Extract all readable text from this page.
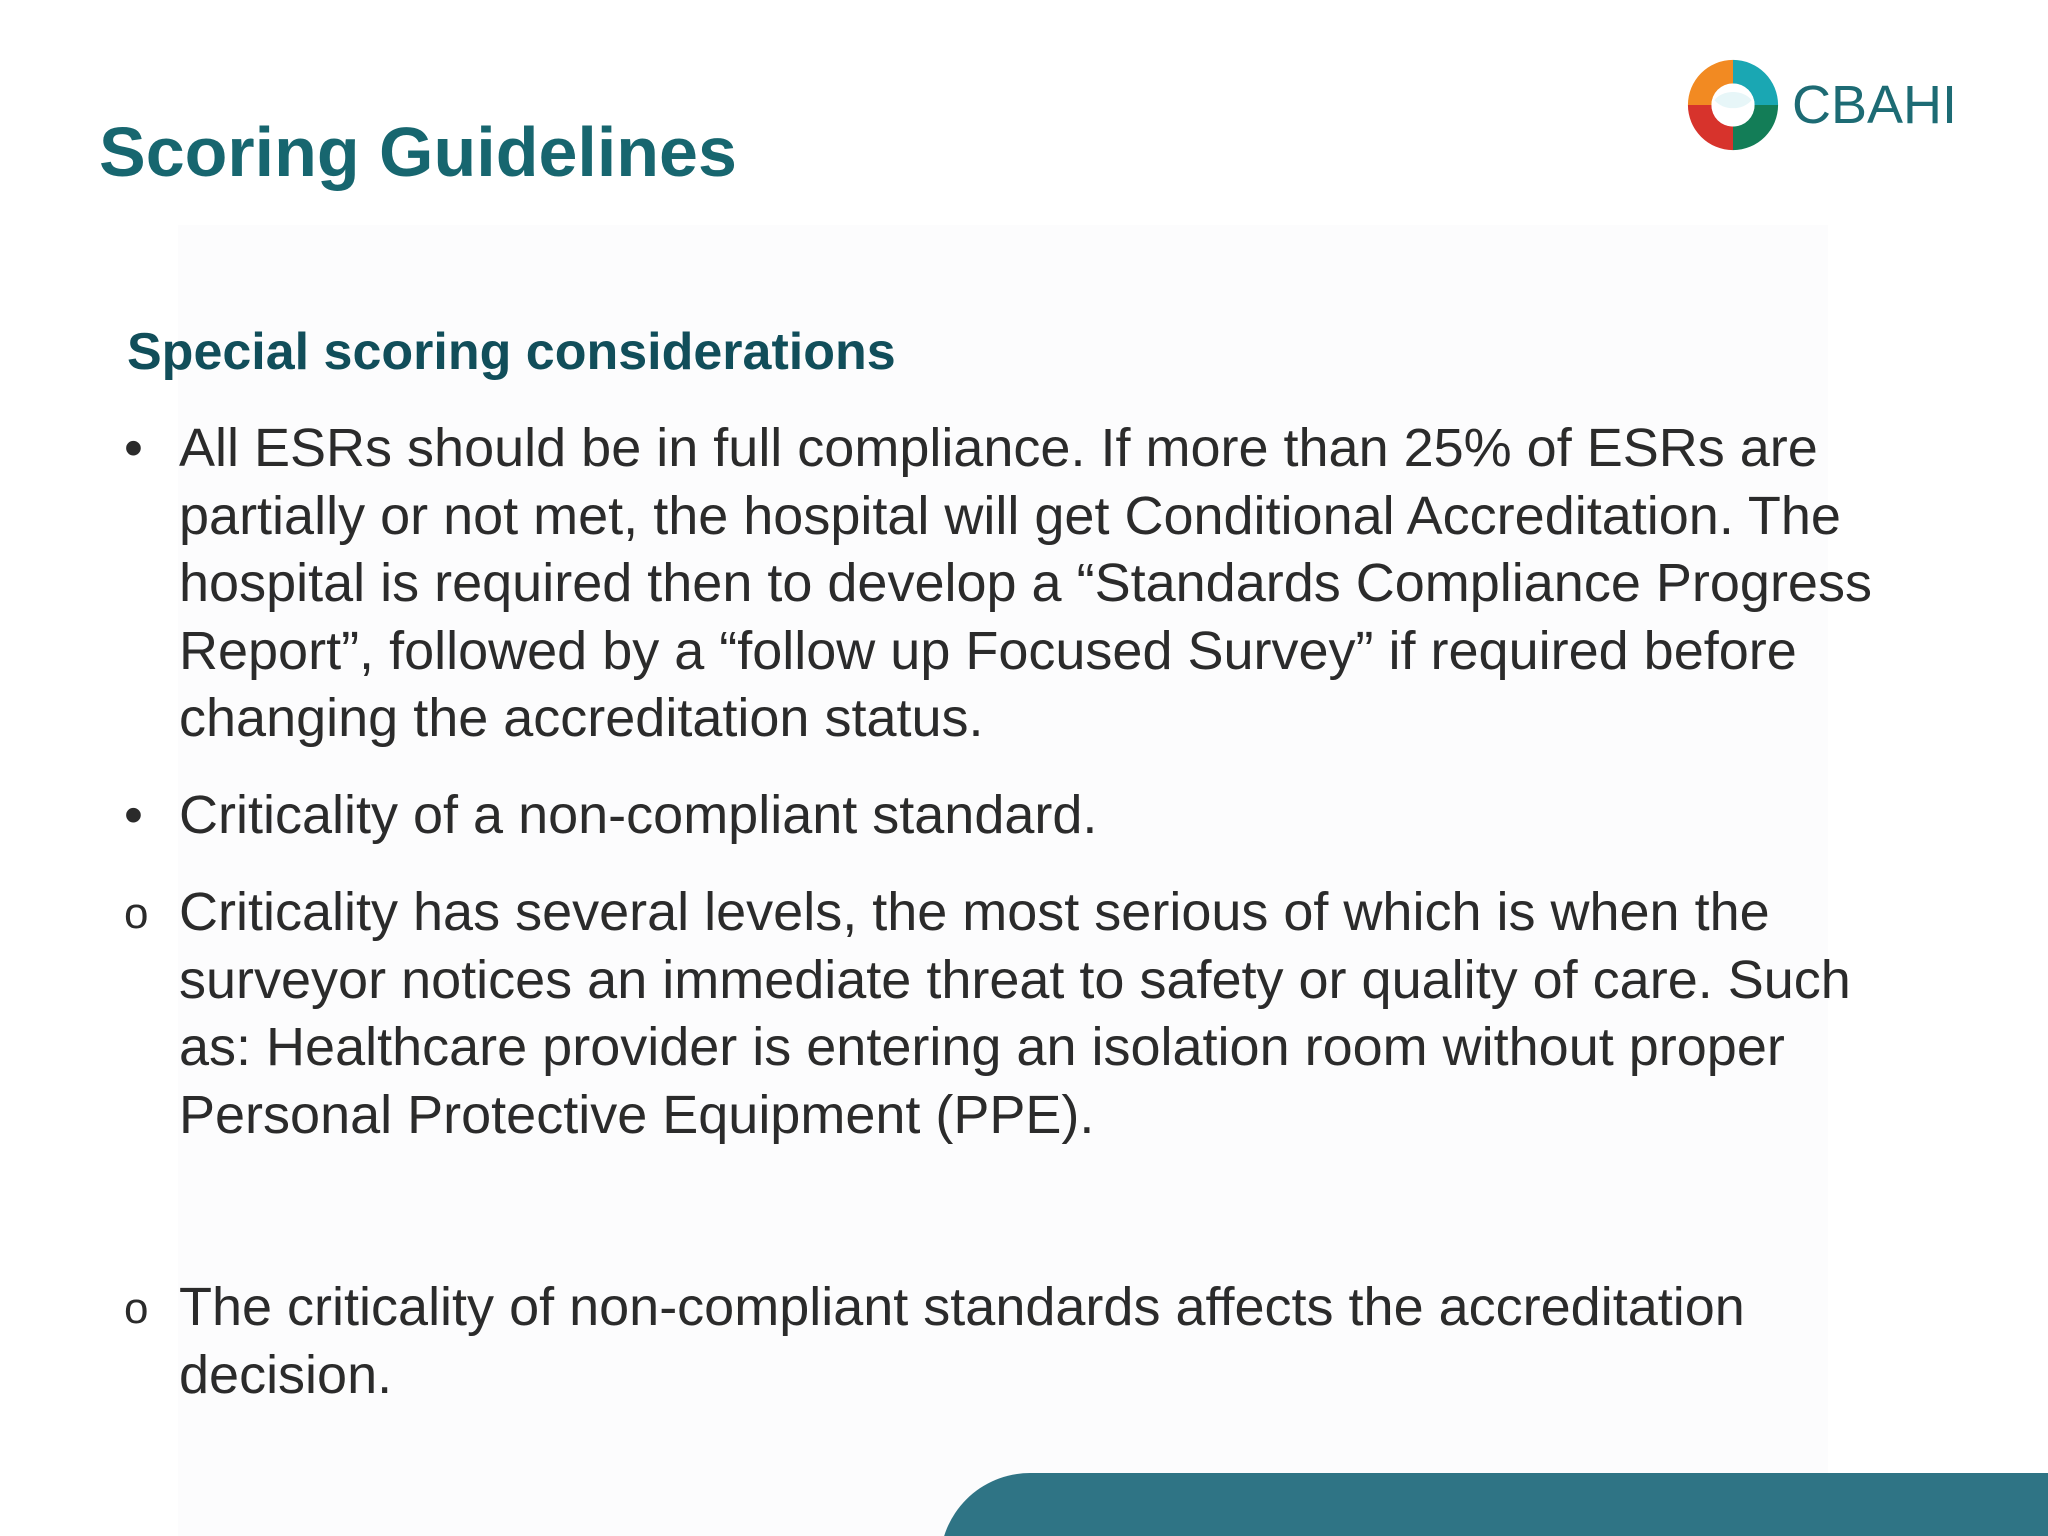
Scoring Guidelines
CBAHI
Special scoring considerations
• All ESRs should be in full compliance. If more than 25% of ESRs are partially or not met, the hospital will get Conditional Accreditation. The hospital is required then to develop a “Standards Compliance Progress Report”, followed by a “follow up Focused Survey” if required before changing the accreditation status.
• Criticality of a non-compliant standard.
o Criticality has several levels, the most serious of which is when the surveyor notices an immediate threat to safety or quality of care. Such as: Healthcare provider is entering an isolation room without proper Personal Protective Equipment (PPE).
o The criticality of non-compliant standards affects the accreditation decision.
